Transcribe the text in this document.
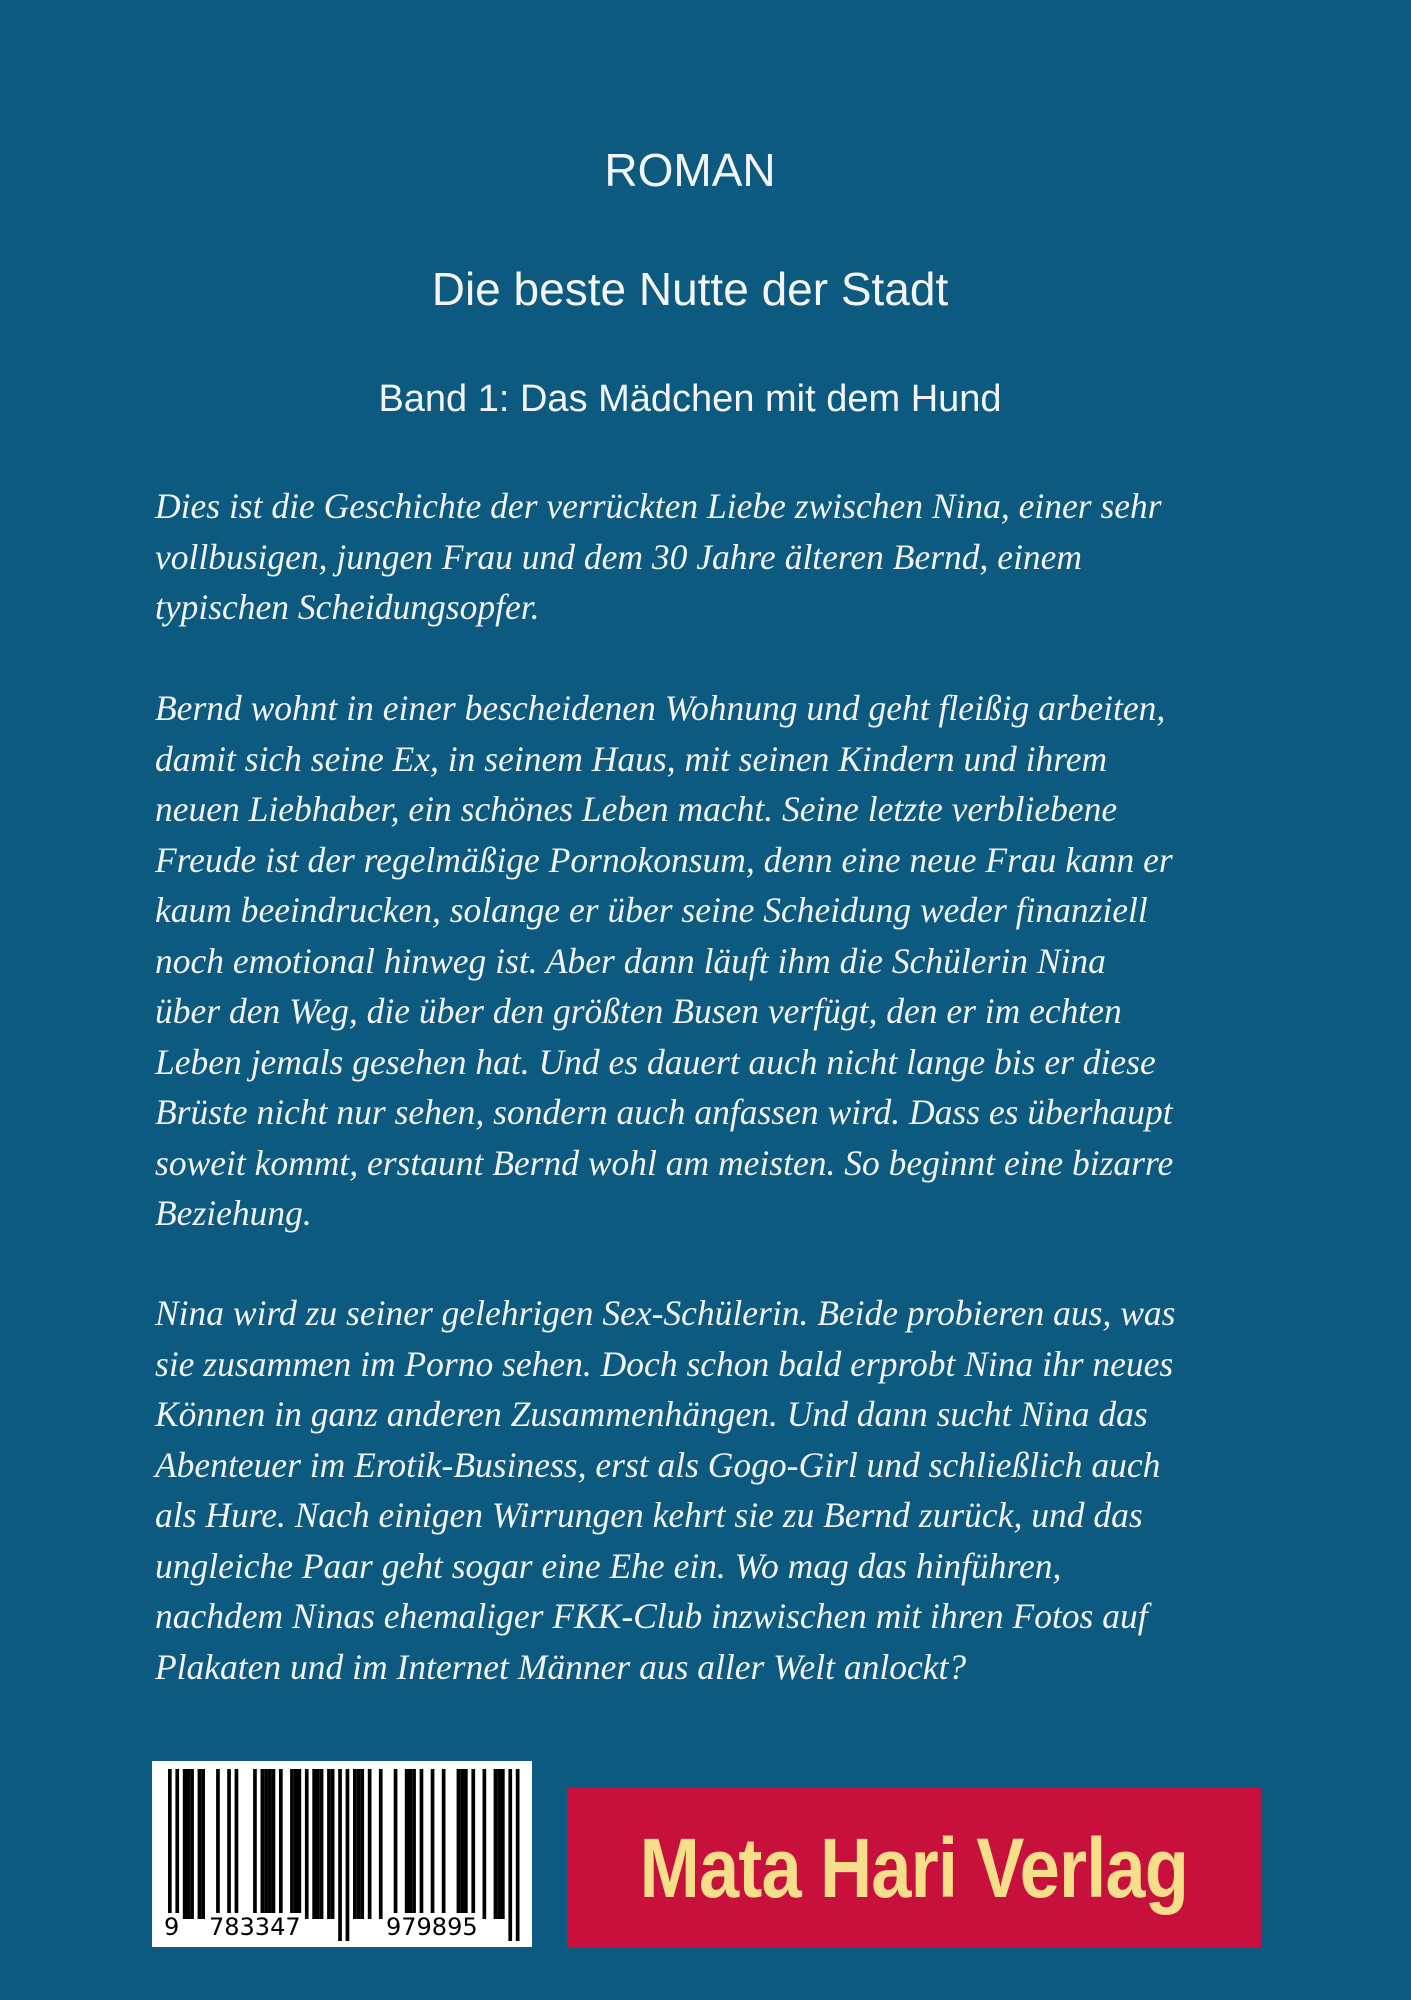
ROMAN
Die beste Nutte der Stadt
Band 1: Das Mädchen mit dem Hund

Dies ist die Geschichte der verrückten Liebe zwischen Nina, einer sehr
vollbusigen, jungen Frau und dem 30 Jahre älteren Bernd, einem
typischen Scheidungsopfer.

Bernd wohnt in einer bescheidenen Wohnung und geht fleißig arbeiten,
damit sich seine Ex, in seinem Haus, mit seinen Kindern und ihrem
neuen Liebhaber, ein schönes Leben macht. Seine letzte verbliebene
Freude ist der regelmäßige Pornokonsum, denn eine neue Frau kann er
kaum beeindrucken, solange er über seine Scheidung weder finanziell
noch emotional hinweg ist. Aber dann läuft ihm die Schülerin Nina
über den Weg, die über den größten Busen verfügt, den er im echten
Leben jemals gesehen hat. Und es dauert auch nicht lange bis er diese
Brüste nicht nur sehen, sondern auch anfassen wird. Dass es überhaupt
soweit kommt, erstaunt Bernd wohl am meisten. So beginnt eine bizarre
Beziehung.

Nina wird zu seiner gelehrigen Sex-Schülerin. Beide probieren aus, was
sie zusammen im Porno sehen. Doch schon bald erprobt Nina ihr neues
Können in ganz anderen Zusammenhängen. Und dann sucht Nina das
Abenteuer im Erotik-Business, erst als Gogo-Girl und schließlich auch
als Hure. Nach einigen Wirrungen kehrt sie zu Bernd zurück, und das
ungleiche Paar geht sogar eine Ehe ein. Wo mag das hinführen,
nachdem Ninas ehemaliger FKK-Club inzwischen mit ihren Fotos auf
Plakaten und im Internet Männer aus aller Welt anlockt?

9 783347	979895
Mata Hari Verlag
